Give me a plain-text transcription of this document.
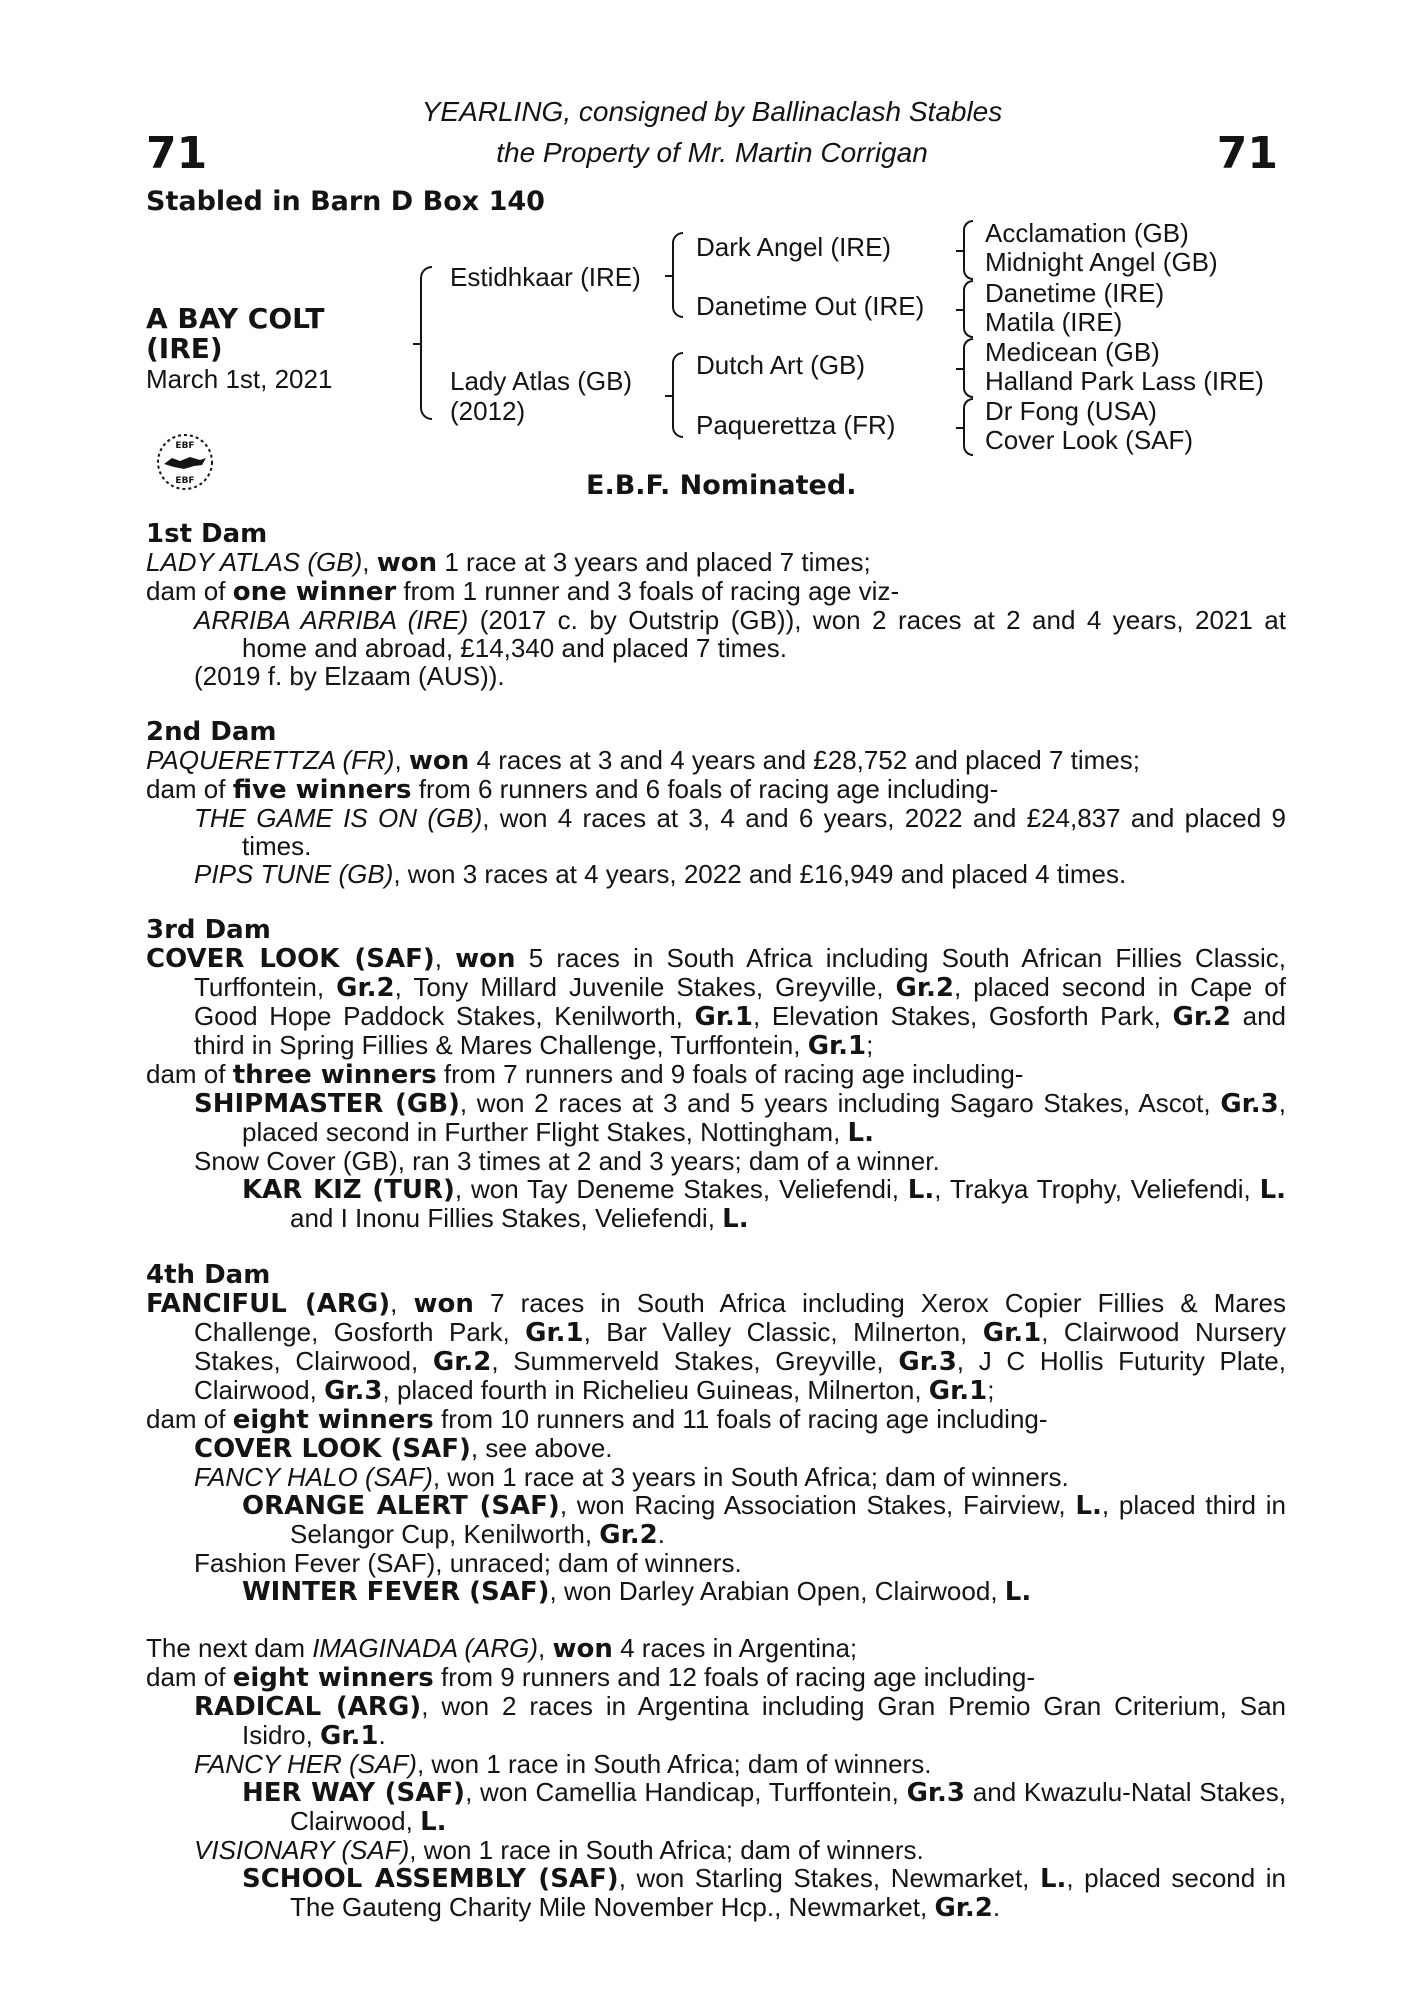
71	71
YEARLING, consigned by Ballinaclash Stables
the Property of Mr. Martin Corrigan
Stabled in Barn D Box 140
A BAY COLT
(IRE)
March 1st, 2021
EBF
EBF
Estidhkaar (IRE)
Lady Atlas (GB)
(2012)
Dark Angel (IRE)
Danetime Out (IRE)
Dutch Art (GB)
Paquerettza (FR)
Acclamation (GB)
Midnight Angel (GB)
Danetime (IRE)
Matila (IRE)
Medicean (GB)
Halland Park Lass (IRE)
Dr Fong (USA)
Cover Look (SAF)
E.B.F. Nominated.
1st Dam
LADY ATLAS (GB), won 1 race at 3 years and placed 7 times;
dam of one winner from 1 runner and 3 foals of racing age viz-
ARRIBA ARRIBA (IRE) (2017 c. by Outstrip (GB)), won 2 races at 2 and 4 years, 2021 at home and abroad, £14,340 and placed 7 times.
(2019 f. by Elzaam (AUS)).
2nd Dam
PAQUERETTZA (FR), won 4 races at 3 and 4 years and £28,752 and placed 7 times;
dam of five winners from 6 runners and 6 foals of racing age including-
THE GAME IS ON (GB), won 4 races at 3, 4 and 6 years, 2022 and £24,837 and placed 9 times.
PIPS TUNE (GB), won 3 races at 4 years, 2022 and £16,949 and placed 4 times.
3rd Dam
COVER LOOK (SAF), won 5 races in South Africa including South African Fillies Classic, Turffontein, Gr.2, Tony Millard Juvenile Stakes, Greyville, Gr.2, placed second in Cape of Good Hope Paddock Stakes, Kenilworth, Gr.1, Elevation Stakes, Gosforth Park, Gr.2 and third in Spring Fillies & Mares Challenge, Turffontein, Gr.1;
dam of three winners from 7 runners and 9 foals of racing age including-
SHIPMASTER (GB), won 2 races at 3 and 5 years including Sagaro Stakes, Ascot, Gr.3, placed second in Further Flight Stakes, Nottingham, L.
Snow Cover (GB), ran 3 times at 2 and 3 years; dam of a winner.
KAR KIZ (TUR), won Tay Deneme Stakes, Veliefendi, L., Trakya Trophy, Veliefendi, L. and I Inonu Fillies Stakes, Veliefendi, L.
4th Dam
FANCIFUL (ARG), won 7 races in South Africa including Xerox Copier Fillies & Mares Challenge, Gosforth Park, Gr.1, Bar Valley Classic, Milnerton, Gr.1, Clairwood Nursery Stakes, Clairwood, Gr.2, Summerveld Stakes, Greyville, Gr.3, J C Hollis Futurity Plate, Clairwood, Gr.3, placed fourth in Richelieu Guineas, Milnerton, Gr.1;
dam of eight winners from 10 runners and 11 foals of racing age including-
COVER LOOK (SAF), see above.
FANCY HALO (SAF), won 1 race at 3 years in South Africa; dam of winners.
ORANGE ALERT (SAF), won Racing Association Stakes, Fairview, L., placed third in Selangor Cup, Kenilworth, Gr.2.
Fashion Fever (SAF), unraced; dam of winners.
WINTER FEVER (SAF), won Darley Arabian Open, Clairwood, L.
The next dam IMAGINADA (ARG), won 4 races in Argentina;
dam of eight winners from 9 runners and 12 foals of racing age including-
RADICAL (ARG), won 2 races in Argentina including Gran Premio Gran Criterium, San Isidro, Gr.1.
FANCY HER (SAF), won 1 race in South Africa; dam of winners.
HER WAY (SAF), won Camellia Handicap, Turffontein, Gr.3 and Kwazulu-Natal Stakes, Clairwood, L.
VISIONARY (SAF), won 1 race in South Africa; dam of winners.
SCHOOL ASSEMBLY (SAF), won Starling Stakes, Newmarket, L., placed second in The Gauteng Charity Mile November Hcp., Newmarket, Gr.2.
